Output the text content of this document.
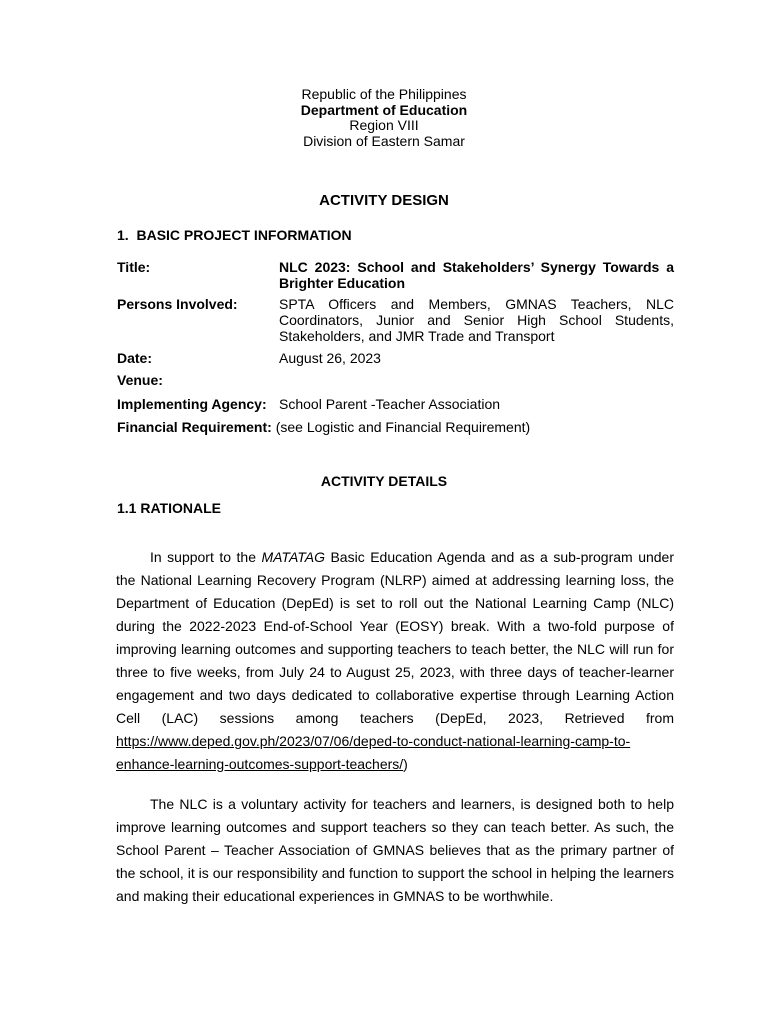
Republic of the Philippines
Department of Education
Region VIII
Division of Eastern Samar
ACTIVITY DESIGN
1. BASIC PROJECT INFORMATION
Title:	NLC 2023: School and Stakeholders’ Synergy Towards a Brighter Education
Persons Involved:	SPTA Officers and Members, GMNAS Teachers, NLC Coordinators, Junior and Senior High School Students, Stakeholders, and JMR Trade and Transport
Date:	August 26, 2023
Venue:

Implementing Agency: School Parent -Teacher Association
Financial Requirement: (see Logistic and Financial Requirement)
ACTIVITY DETAILS
1.1 RATIONALE
In support to the MATATAG Basic Education Agenda and as a sub-program under the National Learning Recovery Program (NLRP) aimed at addressing learning loss, the Department of Education (DepEd) is set to roll out the National Learning Camp (NLC) during the 2022-2023 End-of-School Year (EOSY) break. With a two-fold purpose of improving learning outcomes and supporting teachers to teach better, the NLC will run for three to five weeks, from July 24 to August 25, 2023, with three days of teacher-learner engagement and two days dedicated to collaborative expertise through Learning Action Cell (LAC) sessions among teachers (DepEd, 2023, Retrieved from https://www.deped.gov.ph/2023/07/06/deped-to-conduct-national-learning-camp-to-enhance-learning-outcomes-support-teachers/)
The NLC is a voluntary activity for teachers and learners, is designed both to help improve learning outcomes and support teachers so they can teach better. As such, the School Parent – Teacher Association of GMNAS believes that as the primary partner of the school, it is our responsibility and function to support the school in helping the learners and making their educational experiences in GMNAS to be worthwhile.
